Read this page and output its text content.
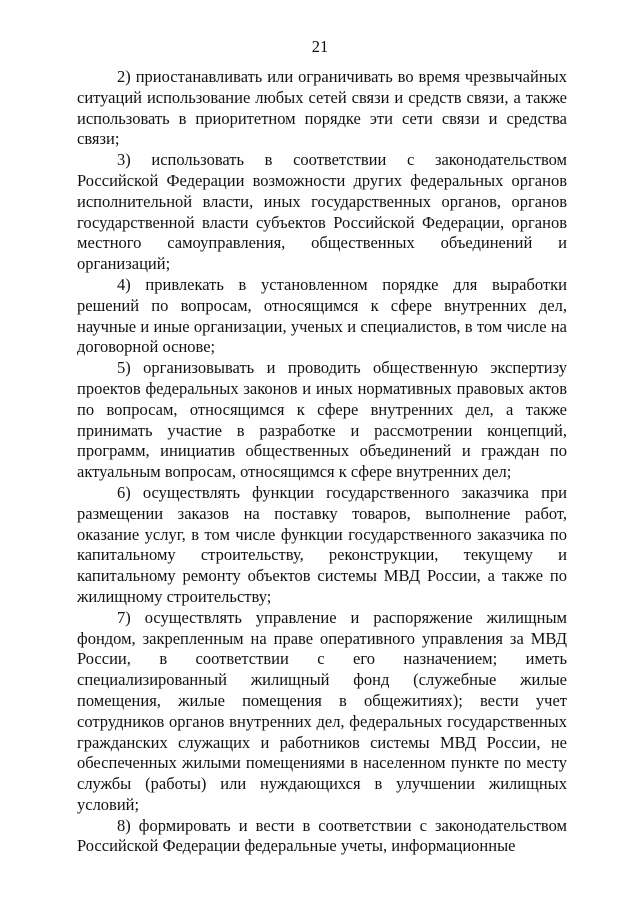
21

2) приостанавливать или ограничивать во время чрезвычайных ситуаций использование любых сетей связи и средств связи, а также использовать в приоритетном порядке эти сети связи и средства связи;

3) использовать в соответствии с законодательством Российской Федерации возможности других федеральных органов исполнительной власти, иных государственных органов, органов государственной власти субъектов Российской Федерации, органов местного самоуправления, общественных объединений и организаций;

4) привлекать в установленном порядке для выработки решений по вопросам, относящимся к сфере внутренних дел, научные и иные организации, ученых и специалистов, в том числе на договорной основе;

5) организовывать и проводить общественную экспертизу проектов федеральных законов и иных нормативных правовых актов по вопросам, относящимся к сфере внутренних дел, а также принимать участие в разработке и рассмотрении концепций, программ, инициатив общественных объединений и граждан по актуальным вопросам, относящимся к сфере внутренних дел;

6) осуществлять функции государственного заказчика при размещении заказов на поставку товаров, выполнение работ, оказание услуг, в том числе функции государственного заказчика по капитальному строительству, реконструкции, текущему и капитальному ремонту объектов системы МВД России, а также по жилищному строительству;

7) осуществлять управление и распоряжение жилищным фондом, закрепленным на праве оперативного управления за МВД России, в соответствии с его назначением; иметь специализированный жилищный фонд (служебные жилые помещения, жилые помещения в общежитиях); вести учет сотрудников органов внутренних дел, федеральных государственных гражданских служащих и работников системы МВД России, не обеспеченных жилыми помещениями в населенном пункте по месту службы (работы) или нуждающихся в улучшении жилищных условий;

8) формировать и вести в соответствии с законодательством Российской Федерации федеральные учеты, информационные
